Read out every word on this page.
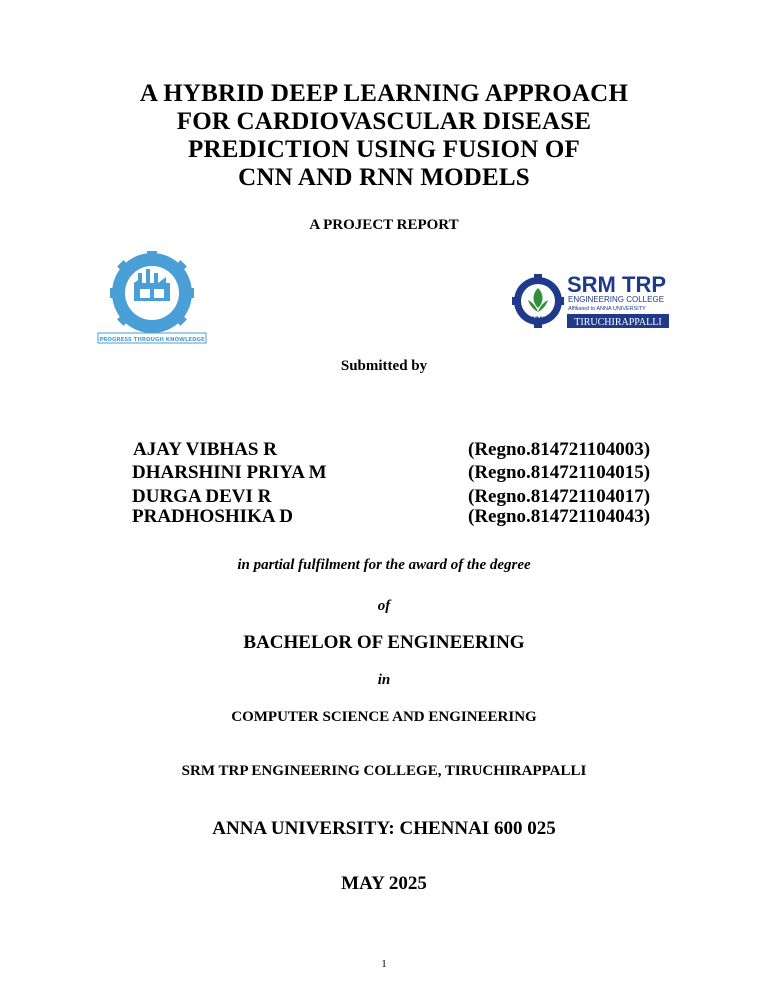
A HYBRID DEEP LEARNING APPROACH
FOR CARDIOVASCULAR DISEASE
PREDICTION USING FUSION OF
CNN AND RNN MODELS
A PROJECT REPORT
PROGRESS THROUGH KNOWLEDGE
SRM
SRM TRP
ENGINEERING COLLEGE
Affiliated to ANNA UNIVERSITY
TIRUCHIRAPPALLI
Submitted by
AJAY VIBHAS R	(Regno.814721104003)
DHARSHINI PRIYA M	(Regno.814721104015)
DURGA DEVI R	(Regno.814721104017)
PRADHOSHIKA D	(Regno.814721104043)
in partial fulfilment for the award of the degree
of
BACHELOR OF ENGINEERING
in
COMPUTER SCIENCE AND ENGINEERING
SRM TRP ENGINEERING COLLEGE, TIRUCHIRAPPALLI
ANNA UNIVERSITY: CHENNAI 600 025
MAY 2025
1
